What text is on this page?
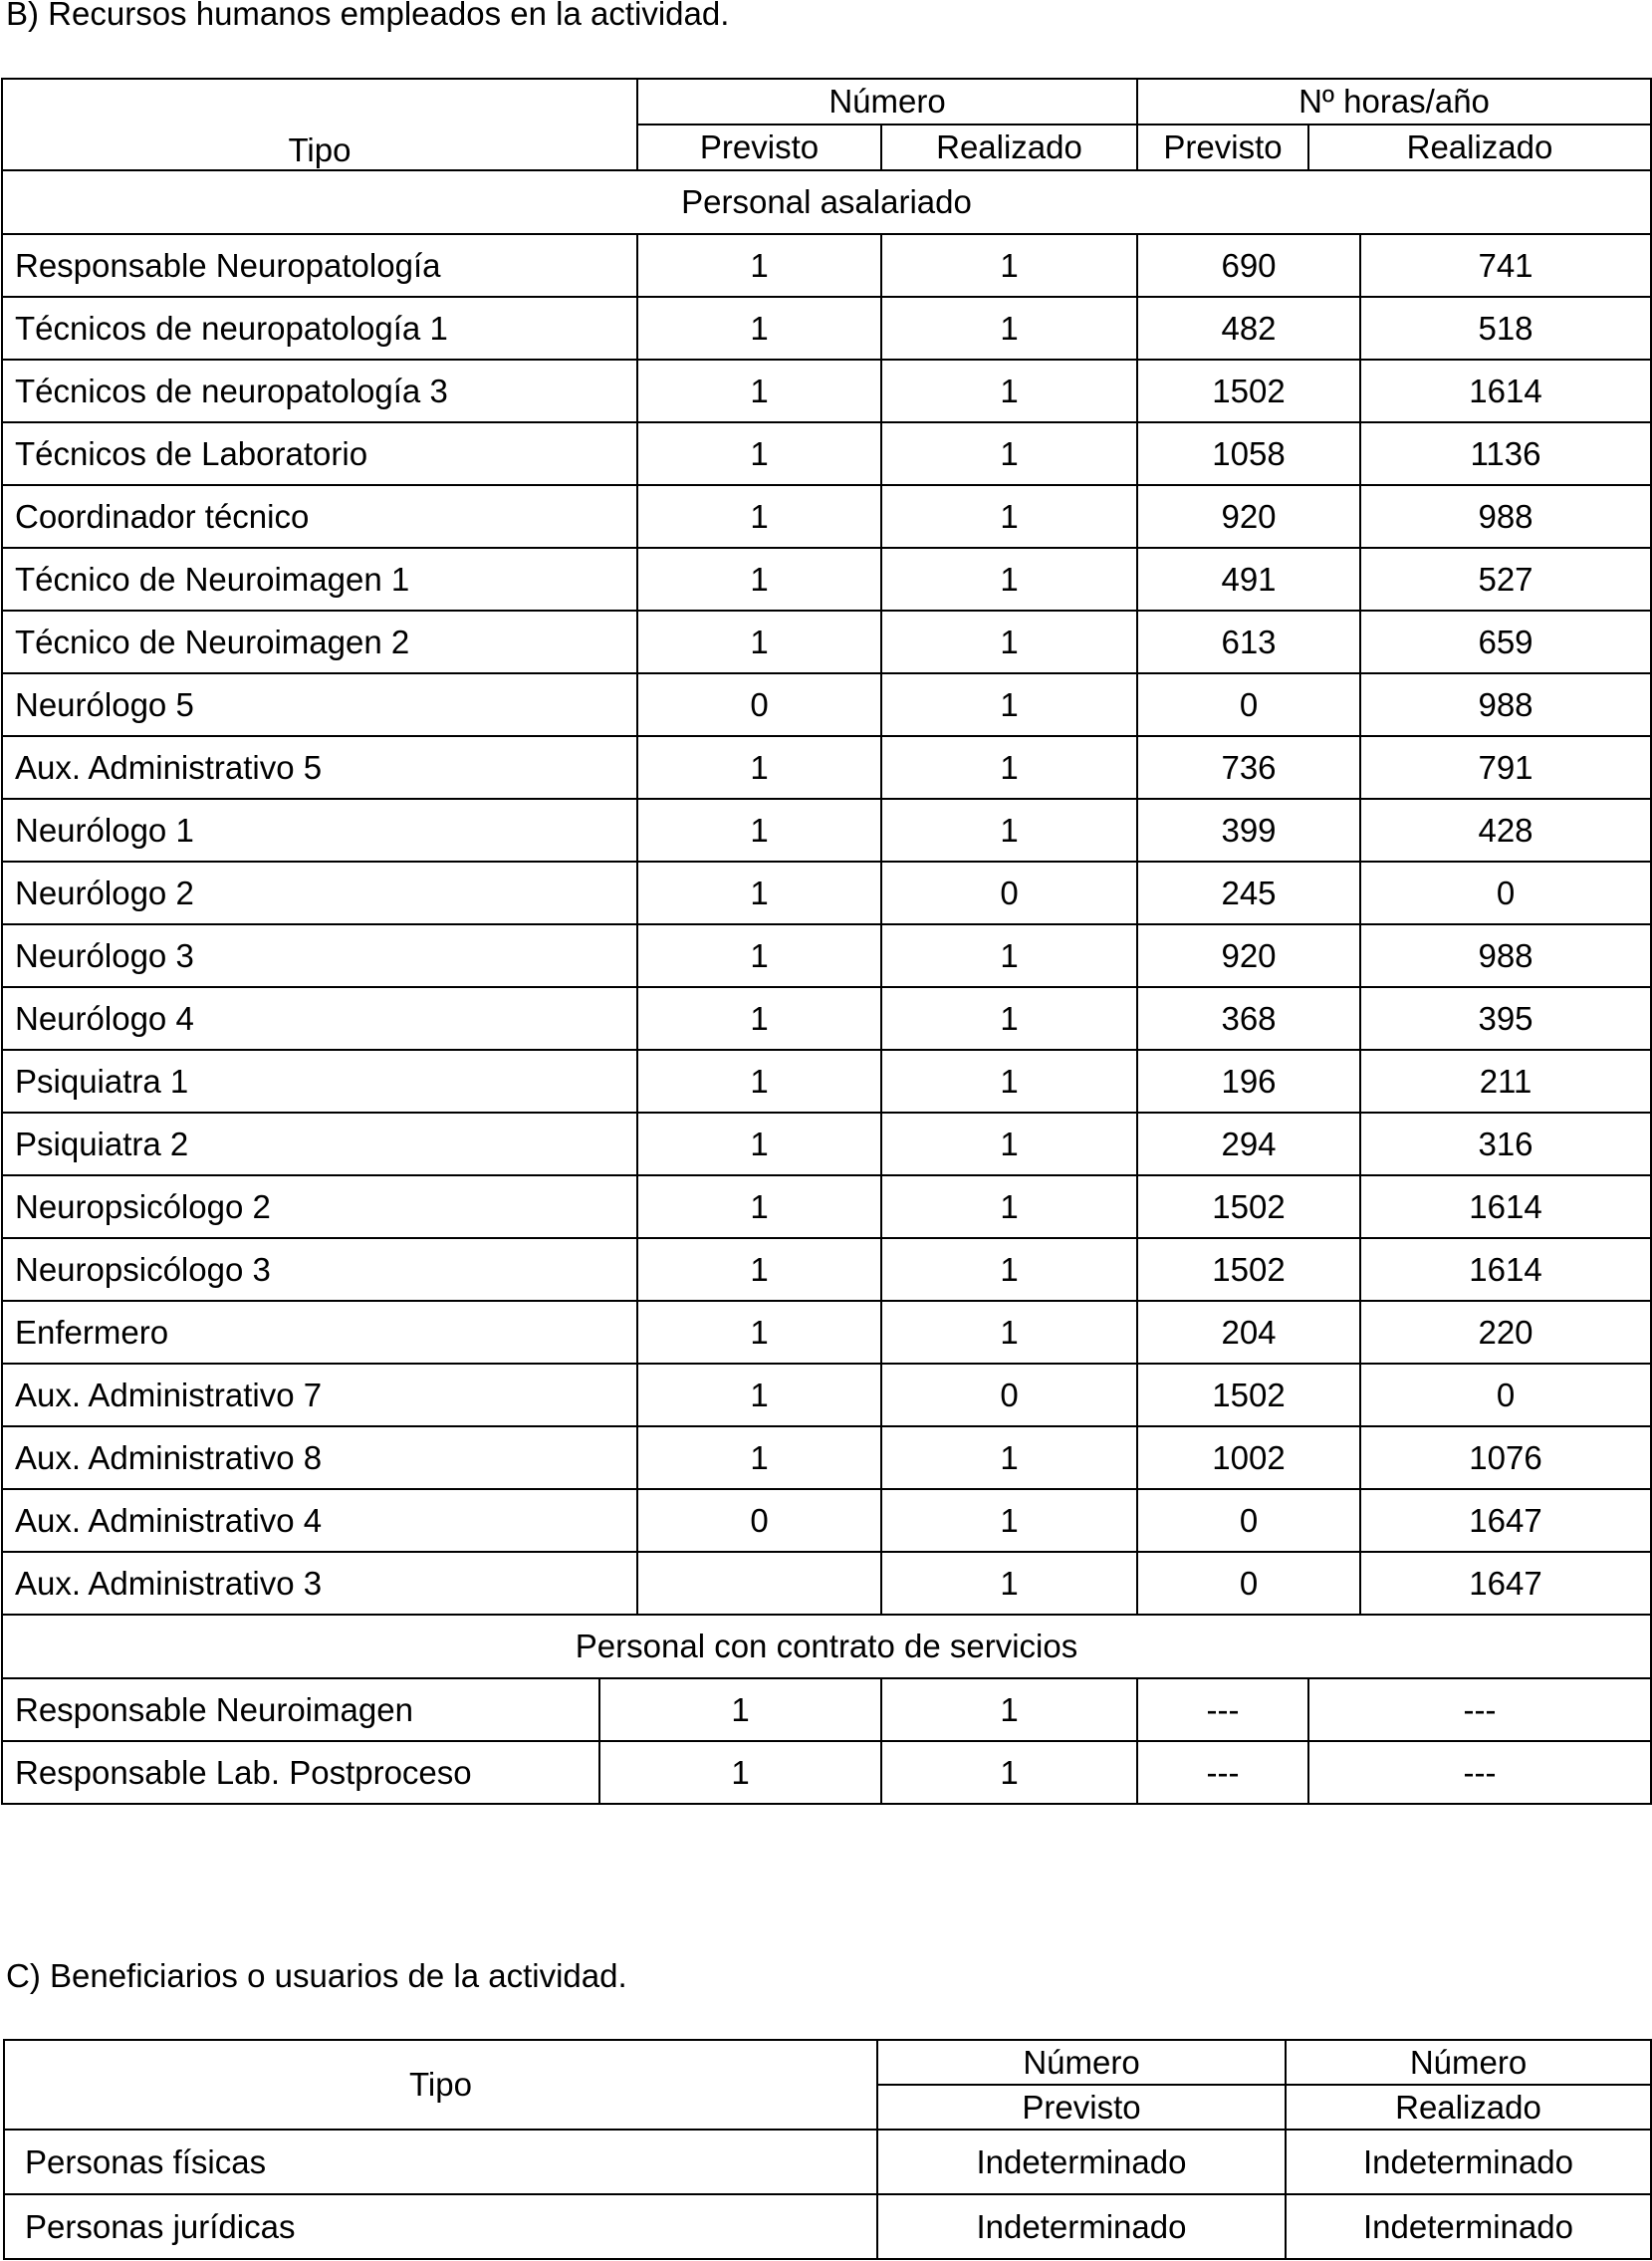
B) Recursos humanos empleados en la actividad.
Tipo	Número		Nº horas/año	
	Previsto	Realizado	Previsto Realizado	

Personal asalariado				
Responsable Neuropatología	1	1	690	741
Técnicos de neuropatología 1	1	1	482	518
Técnicos de neuropatología 3	1	1	1502	1614
Técnicos de Laboratorio	1	1	1058	1136
Coordinador técnico	1	1	920	988
Técnico de Neuroimagen 1	1	1	491	527
Técnico de Neuroimagen 2	1	1	613	659
Neurólogo 5	0	1	0	988
Aux. Administrativo 5	1	1	736	791
Neurólogo 1	1	1	399	428
Neurólogo 2	1	0	245	0
Neurólogo 3	1	1	920	988
Neurólogo 4	1	1	368	395
Psiquiatra 1	1	1	196	211
Psiquiatra 2	1	1	294	316
Neuropsicólogo 2	1	1	1502	1614
Neuropsicólogo 3	1	1	1502	1614
Enfermero	1	1	204	220
Aux. Administrativo 7	1	0	1502	0
Aux. Administrativo 8	1	1	1002	1076
Aux. Administrativo 4	0	1	0	1647
Aux. Administrativo 3		1	0	1647
Personal con contrato de servicios				

Responsable Neuroimagen 1 1 --- ---				

Responsable Lab. Postproceso 1 1 --- ---				
C) Beneficiarios o usuarios de la actividad.
Tipo	Número	Número
	Previsto	Realizado
Personas físicas	Indeterminado	Indeterminado
Personas jurídicas	Indeterminado	Indeterminado
